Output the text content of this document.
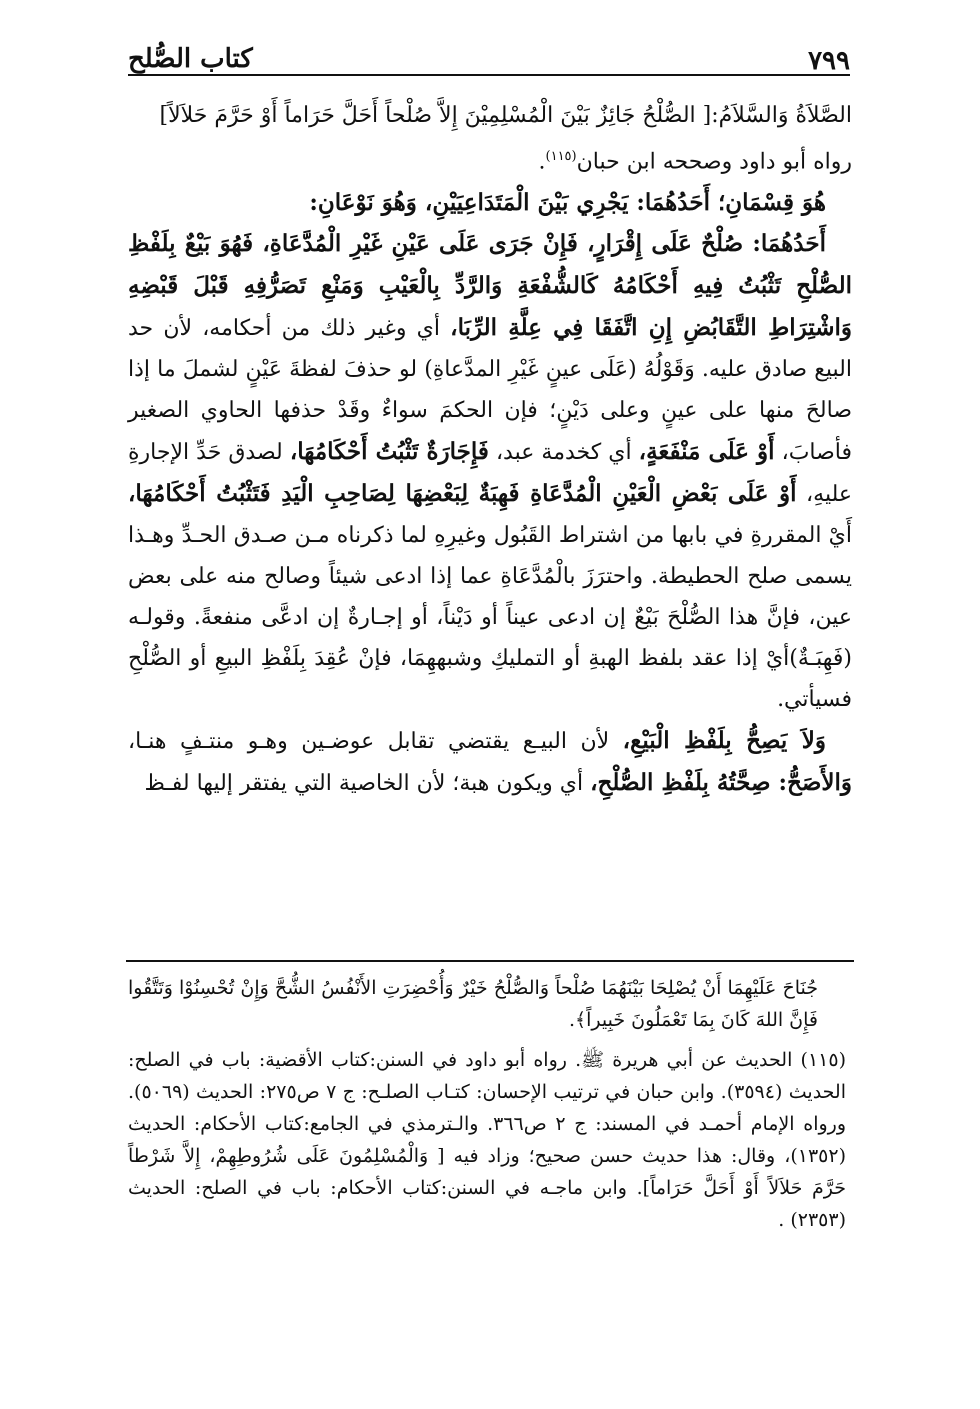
٧٩٩
كتاب الصُّلح

الصَّلاَةُ وَالسَّلاَمُ:[ الصُّلْحُ جَائِزٌ بَيْنَ الْمُسْلِمِيْنَ إِلاَّ صُلْحاً أَحَلَّ حَرَاماً أَوْ حَرَّمَ حَلاَلاً]
رواه أبو داود وصححه ابن حبان$^{(١١٥)}$.

هُوَ قِسْمَانِ؛ أَحَدُهُمَا: يَجْرِي بَيْنَ الْمَتَدَاعِيَيْنِ، وَهُوَ نَوْعَانِ:

أَحَدُهُمَا: صُلْحٌ عَلَى إِقْرَارٍ، فَإِنْ جَرَى عَلَى عَيْنِ غَيْرِ الْمُدَّعَاةِ، فَهُوَ بَيْعٌ بِلَفْظِ الصُّلْحِ تَثْبُتُ فِيهِ أَحْكَامُهُ كَالشُّفْعَةِ وَالرَّدِّ بِالْعَيْبِ وَمَنْعِ تَصَرُّفِهِ قَبْلَ قَبْضِهِ وَاشْتِرَاطِ التَّقَابُضِ إِنِ اتَّفَقَا فِي عِلَّةِ الرِّبَا، أي وغير ذلك من أحكامه، لأن حد البيع صادق عليه. وَقَوْلُهُ (عَلَى عينٍ غَيْرِ المدَّعاةِ) لو حذفَ لفظةَ عَيْنٍ لشملَ ما إذا صالحَ منها على عينٍ وعلى دَيْنٍ؛ فإن الحكمَ سواءٌ وقَدْ حذفها الحاوي الصغير فأصابَ، أَوْ عَلَى مَنْفَعَةٍ، أي كخدمة عبد، فَإِجَارَةٌ تَثْبُتُ أَحْكَامُهَا، لصدق حَدِّ الإجارةِ عليهِ، أَوْ عَلَى بَعْضِ الْعَيْنِ الْمُدَّعَاةِ فَهِبَةٌ لِبَعْضِهَا لِصَاحِبِ الْيَدِ فَتَثْبُتُ أَحْكَامُهَا، أَيْ المقررةِ في بابها من اشتراط القَبُول وغيرِهِ لما ذكرناه مـن صـدق الحـدِّ وهـذا يسمى صلح الحطيطة. واحترَزَ بالْمُدَّعَاةِ عما إذا ادعى شيئاً وصالح منه على بعض عين، فإنَّ هذا الصُّلْحَ بَيْعٌ إن ادعى عيناً أو دَيْناً، أو إجـارةٌ إن ادعَّى منفعةً. وقولـه (فَهِبَـةٌ)أيْ إذا عقد بلفظ الهبةِ أو التمليكِ وشبههِمَا، فإنْ عُقِدَ بِلَفْظِ البيعِ أو الصُّلْحِ فسيأتي.

وَلاَ يَصِحُّ بِلَفْظِ الْبَيْعِ، لأن البيـع يقتضي تقابل عوضـين وهـو منتـفٍ هنـا، وَالأَصَحُّ: صِحَّتُهُ بِلَفْظِ الصُّلْحِ، أي ويكون هبة؛ لأن الخاصية التي يفتقر إليها لفـظ

جُنَاحَ عَلَيْهِمَا أَنْ يُصْلِحَا بَيْنَهُمَا صُلْحاً وَالصُّلْحُ خَيْرٌ وَأُحْضِرَتِ الأَنْفُسُ الشُّحَّ وَإِنْ تُحْسِنُوْا وَتَتَّقُوا فَإِنَّ اللهَ كَانَ بِمَا تَعْمَلُونَ خَبِيراً﴾.

(١١٥) الحديث عن أبي هريرة ﷺ. رواه أبو داود في السنن:كتاب الأقضية: باب في الصلح: الحديث (٣٥٩٤). وابن حبان في ترتيب الإحسان: كتـاب الصلـح: ج ٧ ص٢٧٥: الحديث (٥٠٦٩). ورواه الإمام أحمـد في المسند: ج ٢ ص٣٦٦. والـترمذي في الجامع:كتاب الأحكام: الحديث (١٣٥٢)، وقال: هذا حديث حسن صحيح؛ وزاد فيه [ وَالْمُسْلِمُونَ عَلَى شُرُوطِهِمْ، إِلاَّ شَرْطاً حَرَّمَ حَلاَلاً أَوْ أَحَلَّ حَرَاماً]. وابن ماجـه في السنن:كتاب الأحكام: باب في الصلح: الحديث (٢٣٥٣) .
